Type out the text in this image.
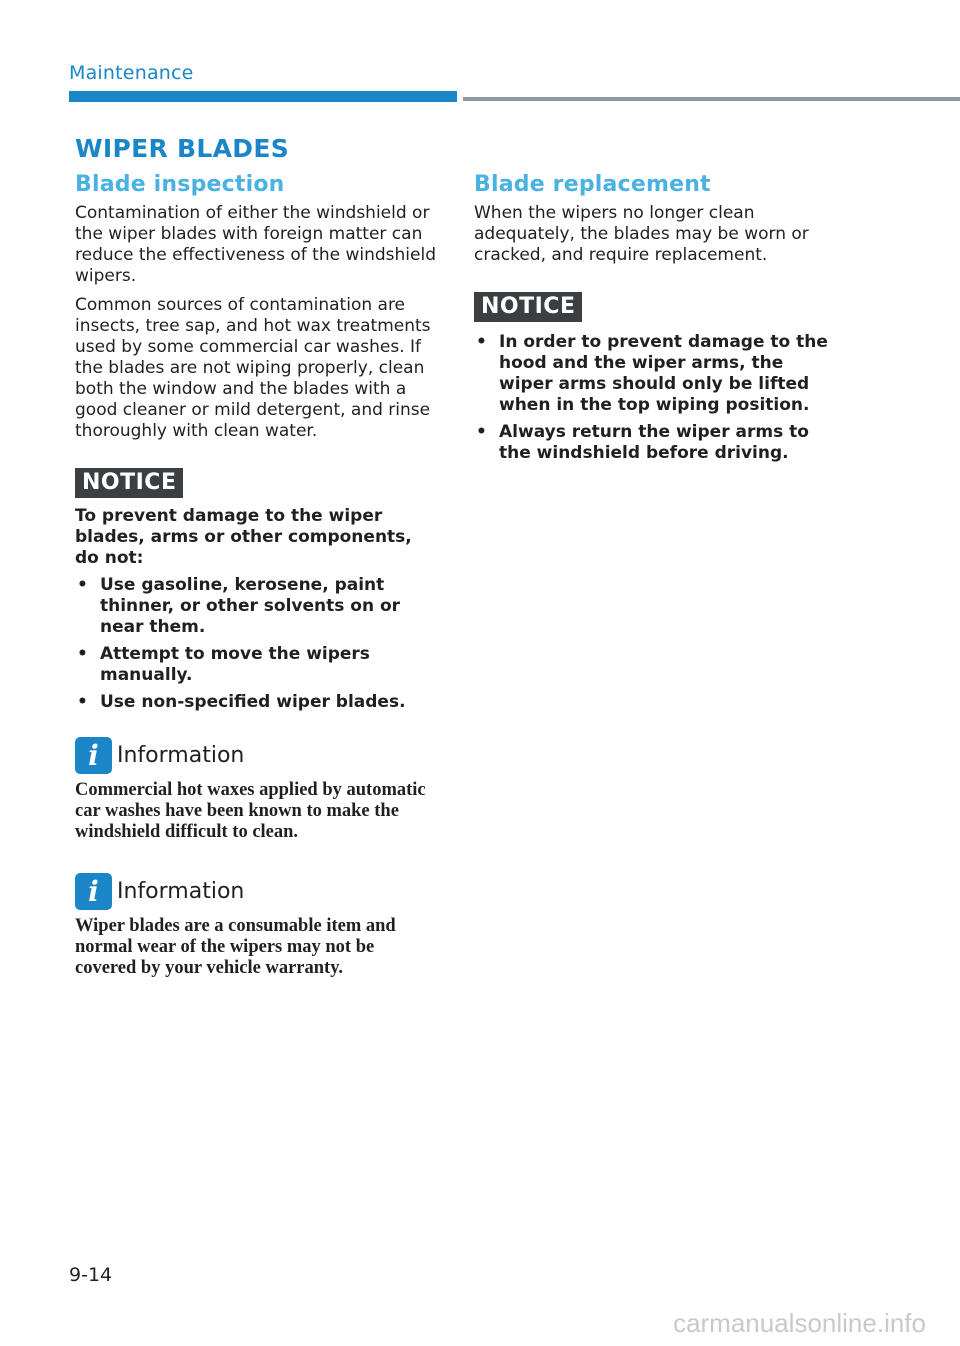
Maintenance
WIPER BLADES
Blade inspection

Contamination of either the windshield or the wiper blades with foreign matter can reduce the effectiveness of the windshield wipers.

Common sources of contamination are insects, tree sap, and hot wax treatments used by some commercial car washes. If the blades are not wiping properly, clean both the window and the blades with a good cleaner or mild detergent, and rinse thoroughly with clean water.

NOTICE
To prevent damage to the wiper blades, arms or other components, do not:
• Use gasoline, kerosene, paint thinner, or other solvents on or near them.
• Attempt to move the wipers manually.
• Use non-specified wiper blades.
i Information

Commercial hot waxes applied by automatic car washes have been known to make the windshield difficult to clean.

i Information

Wiper blades are a consumable item and normal wear of the wipers may not be covered by your vehicle warranty.

Blade replacement

When the wipers no longer clean adequately, the blades may be worn or cracked, and require replacement.

NOTICE
• In order to prevent damage to the hood and the wiper arms, the wiper arms should only be lifted when in the top wiping position.
• Always return the wiper arms to the windshield before driving.
9-14
carmanualsonline.info
